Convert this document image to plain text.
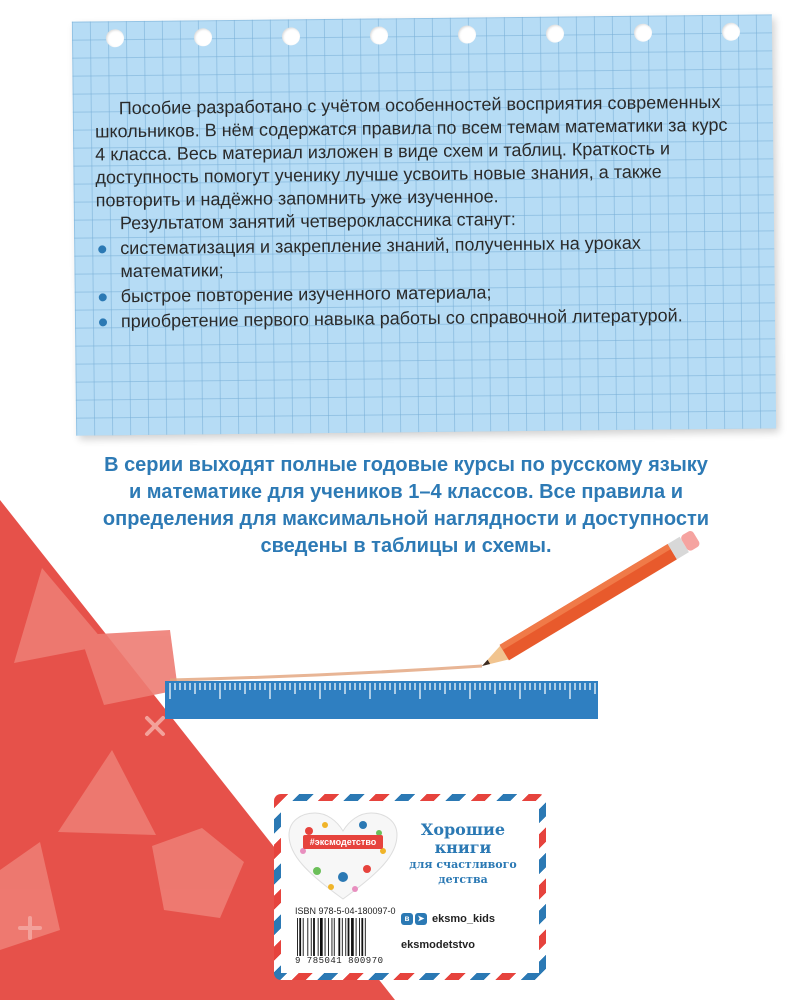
Пособие разработано с учётом особенностей восприятия современных школьников. В нём содержатся правила по всем темам математики за курс 4 класса. Весь материал изложен в виде схем и таблиц. Краткость и доступность помогут ученику лучше усвоить новые знания, а также повторить и надёжно запомнить уже изученное.

Результатом занятий четвероклассника станут:

систематизация и закрепление знаний, полученных на уроках математики;
быстрое повторение изученного материала;
приобретение первого навыка работы со справочной литературой.
В серии выходят полные годовые курсы по русскому языку и математике для учеников 1–4 классов. Все правила и определения для максимальной наглядности и доступности сведены в таблицы и схемы.
#эксмодетство
Хорошие
книги
для счастливого
детства
ISBN 978-5-04-180097-0
9 785041 800970
в	➤ eksmo_kids
eksmodetstvo
